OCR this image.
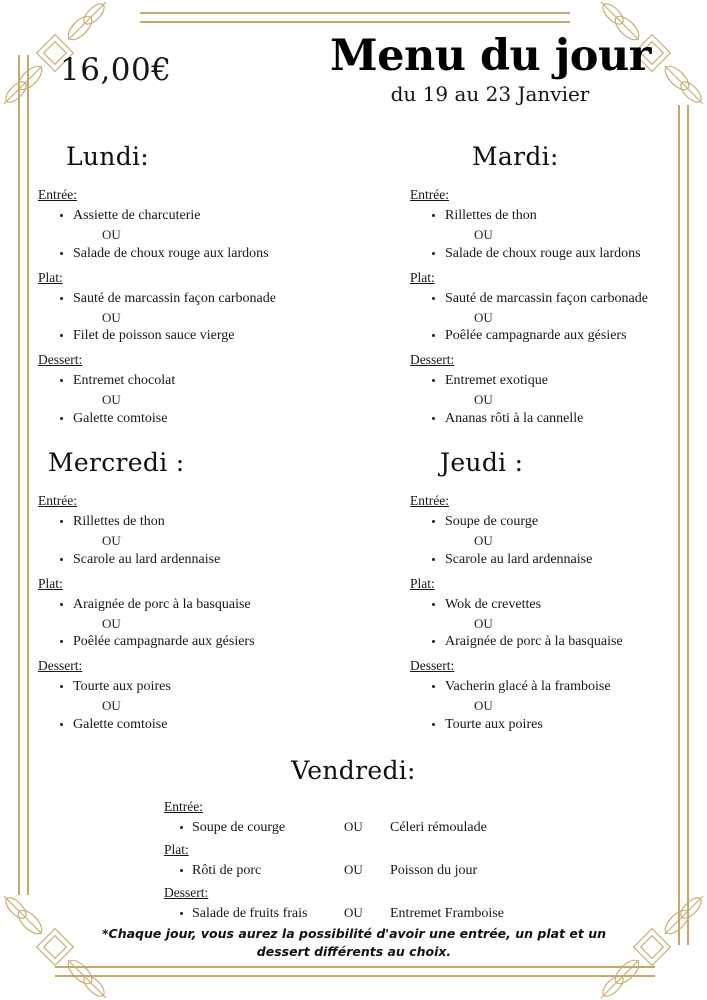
16,00€	Menu du jour
du 19 au 23 Janvier
Lundi:
Entrée:
Assiette de charcuterie
OU
Salade de choux rouge aux lardons
Plat:
Sauté de marcassin façon carbonade
OU
Filet de poisson sauce vierge
Dessert:
Entremet chocolat
OU
Galette comtoise
Mardi:
Entrée:
Rillettes de thon
OU
Salade de choux rouge aux lardons
Plat:
Sauté de marcassin façon carbonade
OU
Poêlée campagnarde aux gésiers
Dessert:
Entremet exotique
OU
Ananas rôti à la cannelle
Mercredi :
Entrée:
Rillettes de thon
OU
Scarole au lard ardennaise
Plat:
Araignée de porc à la basquaise
OU
Poêlée campagnarde aux gésiers
Dessert:
Tourte aux poires
OU
Galette comtoise
Jeudi :
Entrée:
Soupe de courge
OU
Scarole au lard ardennaise
Plat:
Wok de crevettes
OU
Araignée de porc à la basquaise
Dessert:
Vacherin glacé à la framboise
OU
Tourte aux poires
Vendredi:
Entrée:
Soupe de courge	OU	Céleri rémoulade
Plat:
Rôti de porc	OU	Poisson du jour
Dessert:
Salade de fruits frais	OU	Entremet Framboise
*Chaque jour, vous aurez la possibilité d'avoir une entrée, un plat et un dessert différents au choix.
